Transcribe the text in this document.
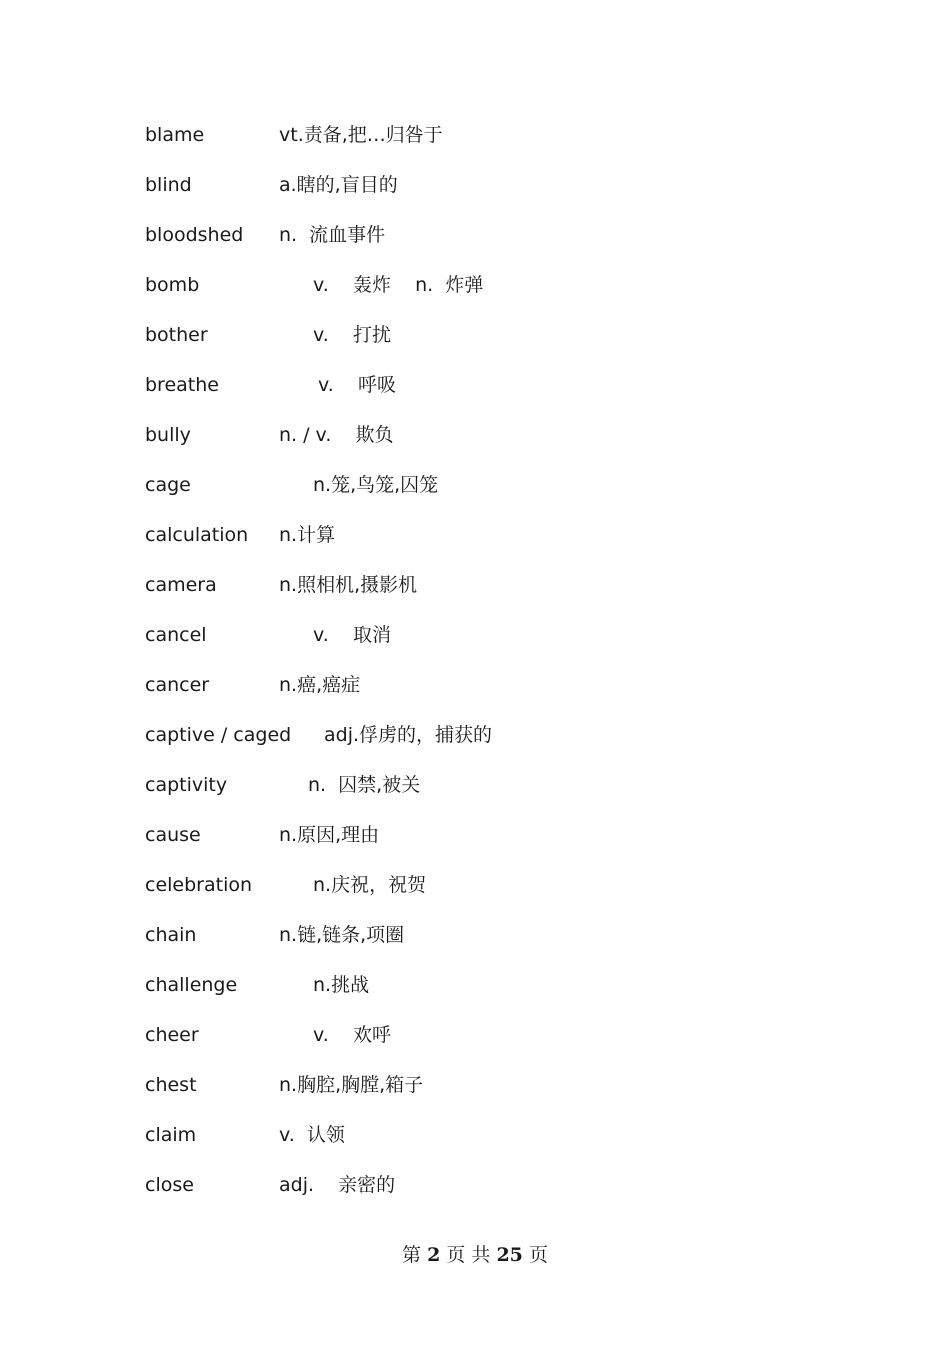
blame	vt.责备,把…归咎于
blind	a.瞎的,盲目的
bloodshed n.  流血事件
bomb	v.    轰炸    n.  炸弹
bother	v.    打扰
breathe	v.    呼吸
bully	n. / v.    欺负
cage	n.笼,鸟笼,囚笼
calculation n.计算
camera	n.照相机,摄影机
cancel	v.    取消
cancer	n.癌,癌症
captive / caged adj.俘虏的，捕获的
captivity	n.  囚禁,被关
cause	n.原因,理由
celebration	n.庆祝，祝贺
chain	n.链,链条,项圈
challenge	n.挑战
cheer	v.    欢呼
chest	n.胸腔,胸膛,箱子
claim	v.  认领
close	adj.    亲密的
第 2 页 共 25 页
